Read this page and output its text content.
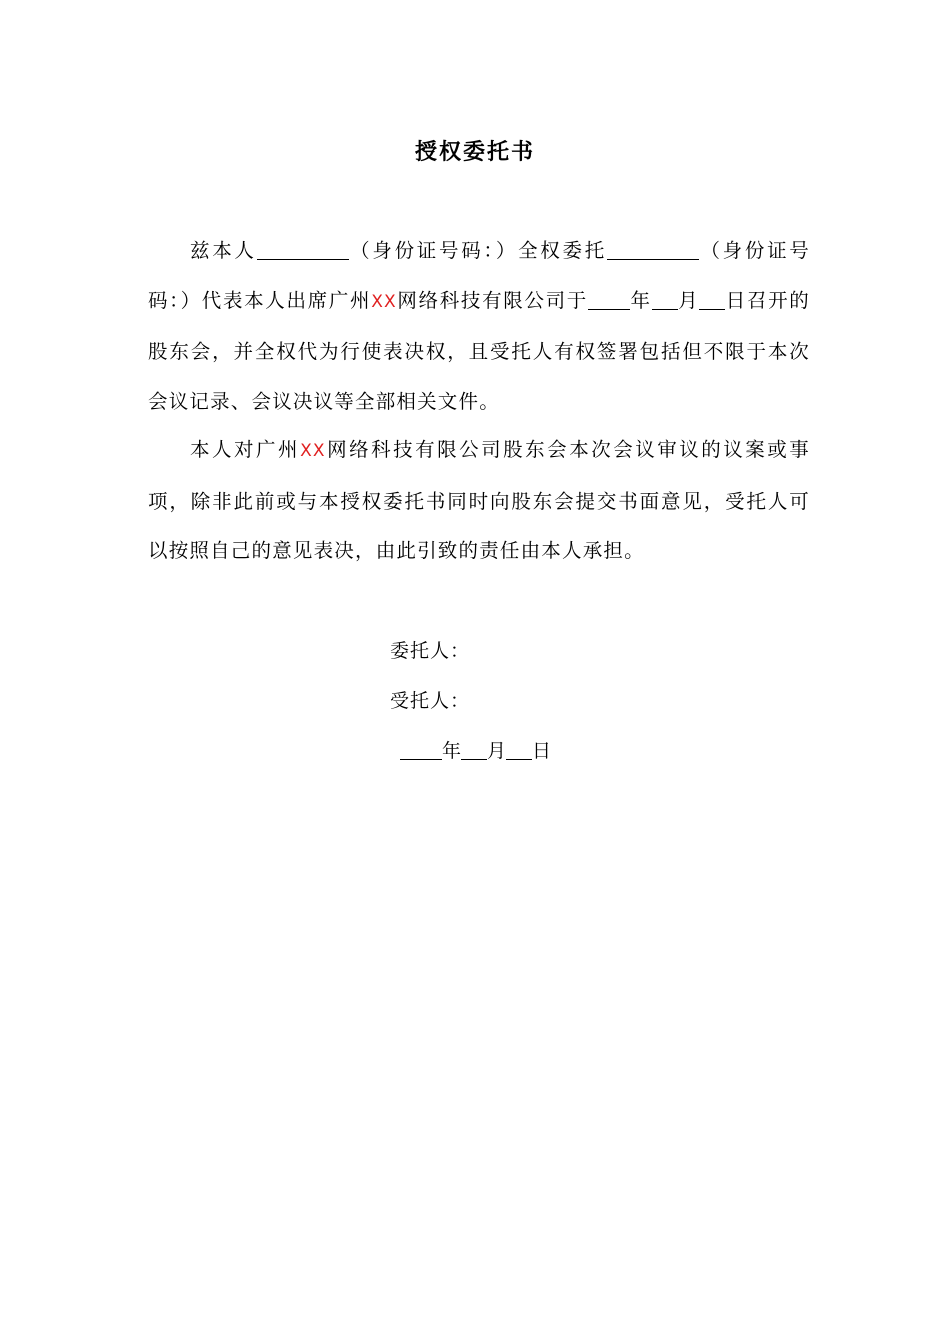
授权委托书

兹本人	（身份证号码：）全权委托	（身份证号码：）代表本人出席广州XX网络科技有限公司于 年 月 日召开的股东会，并全权代为行使表决权，且受托人有权签署包括但不限于本次会议记录、会议决议等全部相关文件。

本人对广州XX网络科技有限公司股东会本次会议审议的议案或事项，除非此前或与本授权委托书同时向股东会提交书面意见，受托人可以按照自己的意见表决，由此引致的责任由本人承担。

委托人：
受托人：
年 月 日
